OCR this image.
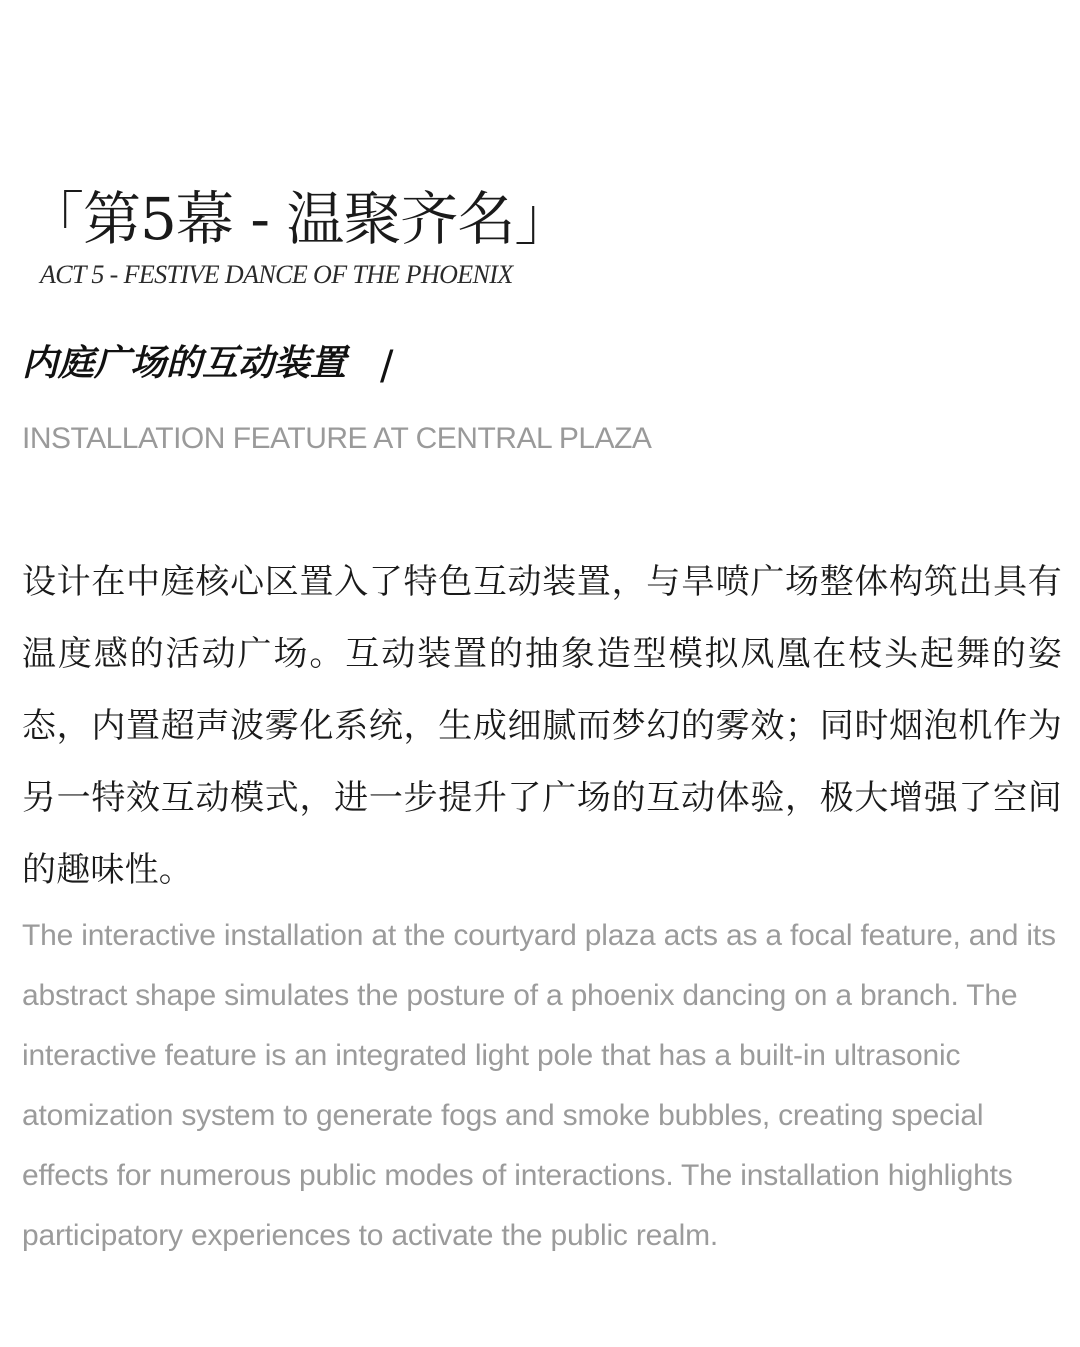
「第5幕 - 温聚齐名」
ACT 5 - FESTIVE DANCE OF THE PHOENIX
内庭广场的互动装置 /
INSTALLATION FEATURE AT CENTRAL PLAZA

设计在中庭核心区置入了特色互动装置，与旱喷广场整体构筑出具有温度感的活动广场。互动装置的抽象造型模拟凤凰在枝头起舞的姿态，内置超声波雾化系统，生成细腻而梦幻的雾效；同时烟泡机作为另一特效互动模式，进一步提升了广场的互动体验，极大增强了空间的趣味性。

The interactive installation at the courtyard plaza acts as a focal feature, and its abstract shape simulates the posture of a phoenix dancing on a branch. The interactive feature is an integrated light pole that has a built-in ultrasonic atomization system to generate fogs and smoke bubbles, creating special effects for numerous public modes of interactions. The installation highlights participatory experiences to activate the public realm.
